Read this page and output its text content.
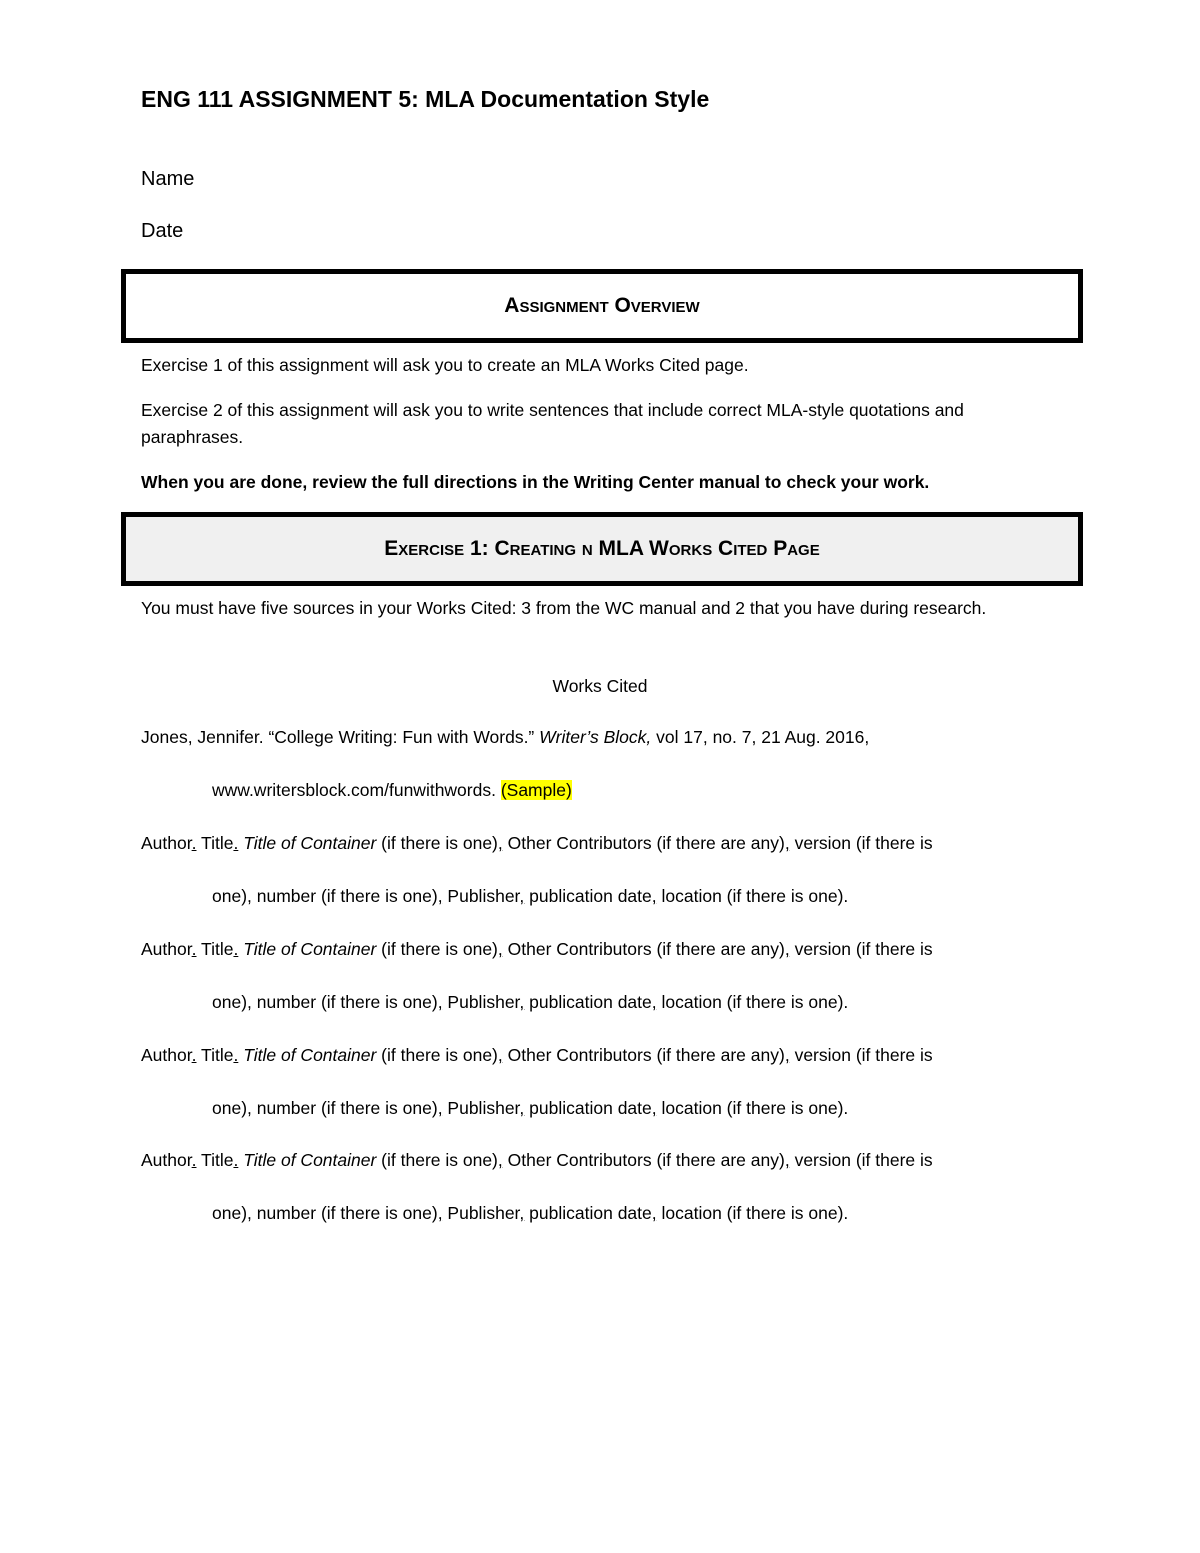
ENG 111 ASSIGNMENT 5: MLA Documentation Style
Name
Date
Assignment Overview
Exercise 1 of this assignment will ask you to create an MLA Works Cited page.
Exercise 2 of this assignment will ask you to write sentences that include correct MLA-style quotations and paraphrases.
When you are done, review the full directions in the Writing Center manual to check your work.
Exercise 1: Creating n MLA Works Cited Page
You must have five sources in your Works Cited: 3 from the WC manual and 2 that you have during research.
Works Cited
Jones, Jennifer. “College Writing: Fun with Words.” Writer’s Block, vol 17, no. 7, 21 Aug. 2016,
www.writersblock.com/funwithwords. (Sample)
Author. Title. Title of Container (if there is one), Other Contributors (if there are any), version (if there is
one), number (if there is one), Publisher, publication date, location (if there is one).
Author. Title. Title of Container (if there is one), Other Contributors (if there are any), version (if there is
one), number (if there is one), Publisher, publication date, location (if there is one).
Author. Title. Title of Container (if there is one), Other Contributors (if there are any), version (if there is
one), number (if there is one), Publisher, publication date, location (if there is one).
Author. Title. Title of Container (if there is one), Other Contributors (if there are any), version (if there is
one), number (if there is one), Publisher, publication date, location (if there is one).
